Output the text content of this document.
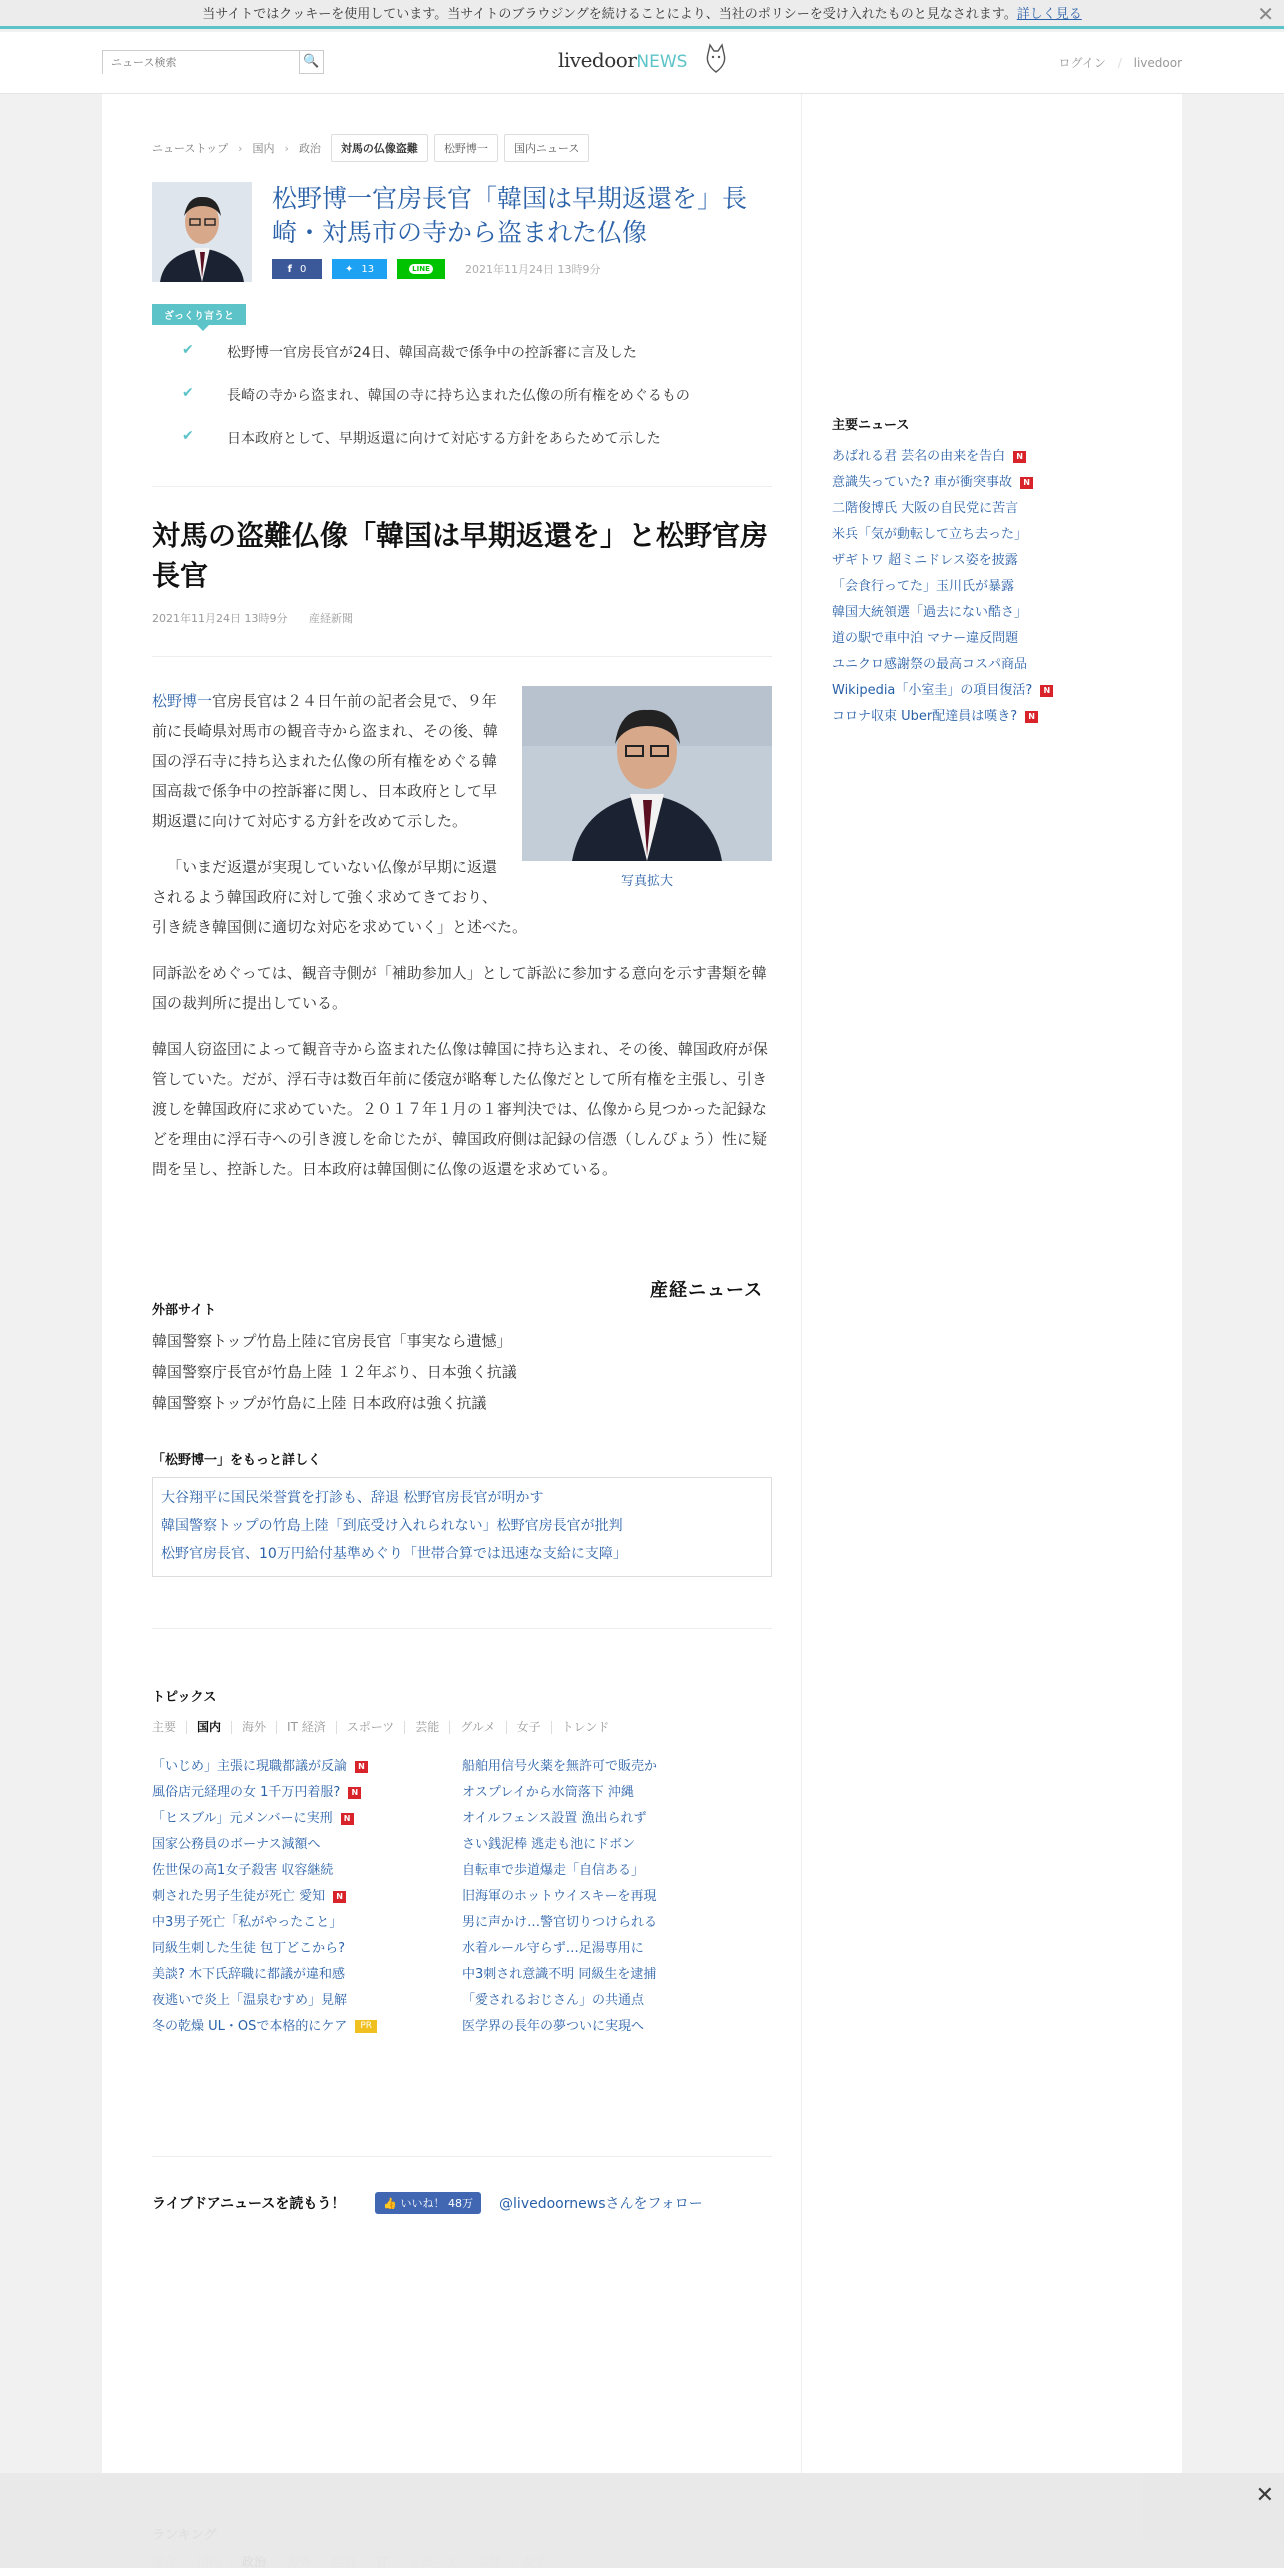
当サイトではクッキーを使用しています。当サイトのブラウジングを続けることにより、当社のポリシーを受け入れたものと見なされます。詳しく見る	✕
ニュース検索
🔍	livedoorNEWS	ログイン / livedoor
ニューストップ › 国内 › 政治	対馬の仏像盗難	松野博一	国内ニュース
松野博一官房長官「韓国は早期返還を」長崎・対馬市の寺から盗まれた仏像
f 0	✦ 13	LINE	2021年11月24日 13時9分
ざっくり言うと
✔	松野博一官房長官が24日、韓国高裁で係争中の控訴審に言及した
✔	長崎の寺から盗まれ、韓国の寺に持ち込まれた仏像の所有権をめぐるもの
✔	日本政府として、早期返還に向けて対応する方針をあらためて示した
対馬の盗難仏像「韓国は早期返還を」と松野官房長官
2021年11月24日 13時9分 産経新聞
写真拡大

松野博一官房長官は２４日午前の記者会見で、９年前に長崎県対馬市の観音寺から盗まれ、その後、韓国の浮石寺に持ち込まれた仏像の所有権をめぐる韓国高裁で係争中の控訴審に関し、日本政府として早期返還に向けて対応する方針を改めて示した。

「いまだ返還が実現していない仏像が早期に返還されるよう韓国政府に対して強く求めてきており、引き続き韓国側に適切な対応を求めていく」と述べた。

同訴訟をめぐっては、観音寺側が「補助参加人」として訴訟に参加する意向を示す書類を韓国の裁判所に提出している。

韓国人窃盗団によって観音寺から盗まれた仏像は韓国に持ち込まれ、その後、韓国政府が保管していた。だが、浮石寺は数百年前に倭寇が略奪した仏像だとして所有権を主張し、引き渡しを韓国政府に求めていた。２０１７年１月の１審判決では、仏像から見つかった記録などを理由に浮石寺への引き渡しを命じたが、韓国政府側は記録の信憑（しんぴょう）性に疑問を呈し、控訴した。日本政府は韓国側に仏像の返還を求めている。

産経ニュース
外部サイト
韓国警察トップ竹島上陸に官房長官「事実なら遺憾」
韓国警察庁長官が竹島上陸 １２年ぶり、日本強く抗議
韓国警察トップが竹島に上陸 日本政府は強く抗議
「松野博一」をもっと詳しく
大谷翔平に国民栄誉賞を打診も、辞退 松野官房長官が明かす
韓国警察トップの竹島上陸「到底受け入れられない」松野官房長官が批判
松野官房長官、10万円給付基準めぐり「世帯合算では迅速な支給に支障」
トピックス
主要	国内	海外	IT 経済	スポーツ	芸能	グルメ	女子	トレンド
「いじめ」主張に現職都議が反論 N
風俗店元経理の女 1千万円着服? N
「ヒスブル」元メンバーに実刑 N
国家公務員のボーナス減額へ
佐世保の高1女子殺害 収容継続
刺された男子生徒が死亡 愛知 N
中3男子死亡「私がやったこと」
同級生刺した生徒 包丁どこから?
美談? 木下氏辞職に都議が違和感
夜逃いで炎上「温泉むすめ」見解
冬の乾燥 UL・OSで本格的にケア PR
船舶用信号火薬を無許可で販売か
オスプレイから水筒落下 沖縄
オイルフェンス設置 漁出られず
さい銭泥棒 逃走も池にドボン
自転車で歩道爆走「自信ある」
旧海軍のホットウイスキーを再現
男に声かけ…警官切りつけられる
水着ルール守らず…足湯専用に
中3刺され意識不明 同級生を逮捕
「愛されるおじさん」の共通点
医学界の長年の夢ついに実現へ
ライブドアニュースを読もう！	👍 いいね！ 48万	@livedoornewsさんをフォロー
主要ニュース
あばれる君 芸名の由来を告白 N
意識失っていた? 車が衝突事故 N
二階俊博氏 大阪の自民党に苦言
米兵「気が動転して立ち去った」
ザギトワ 超ミニドレス姿を披露
「会食行ってた」玉川氏が暴露
韓国大統領選「過去にない酷さ」
道の駅で車中泊 マナー違反問題
ユニクロ感謝祭の最高コスパ商品
Wikipedia「小室圭」の項目復活? N
コロナ収束 Uber配達員は嘆き? N
✕
